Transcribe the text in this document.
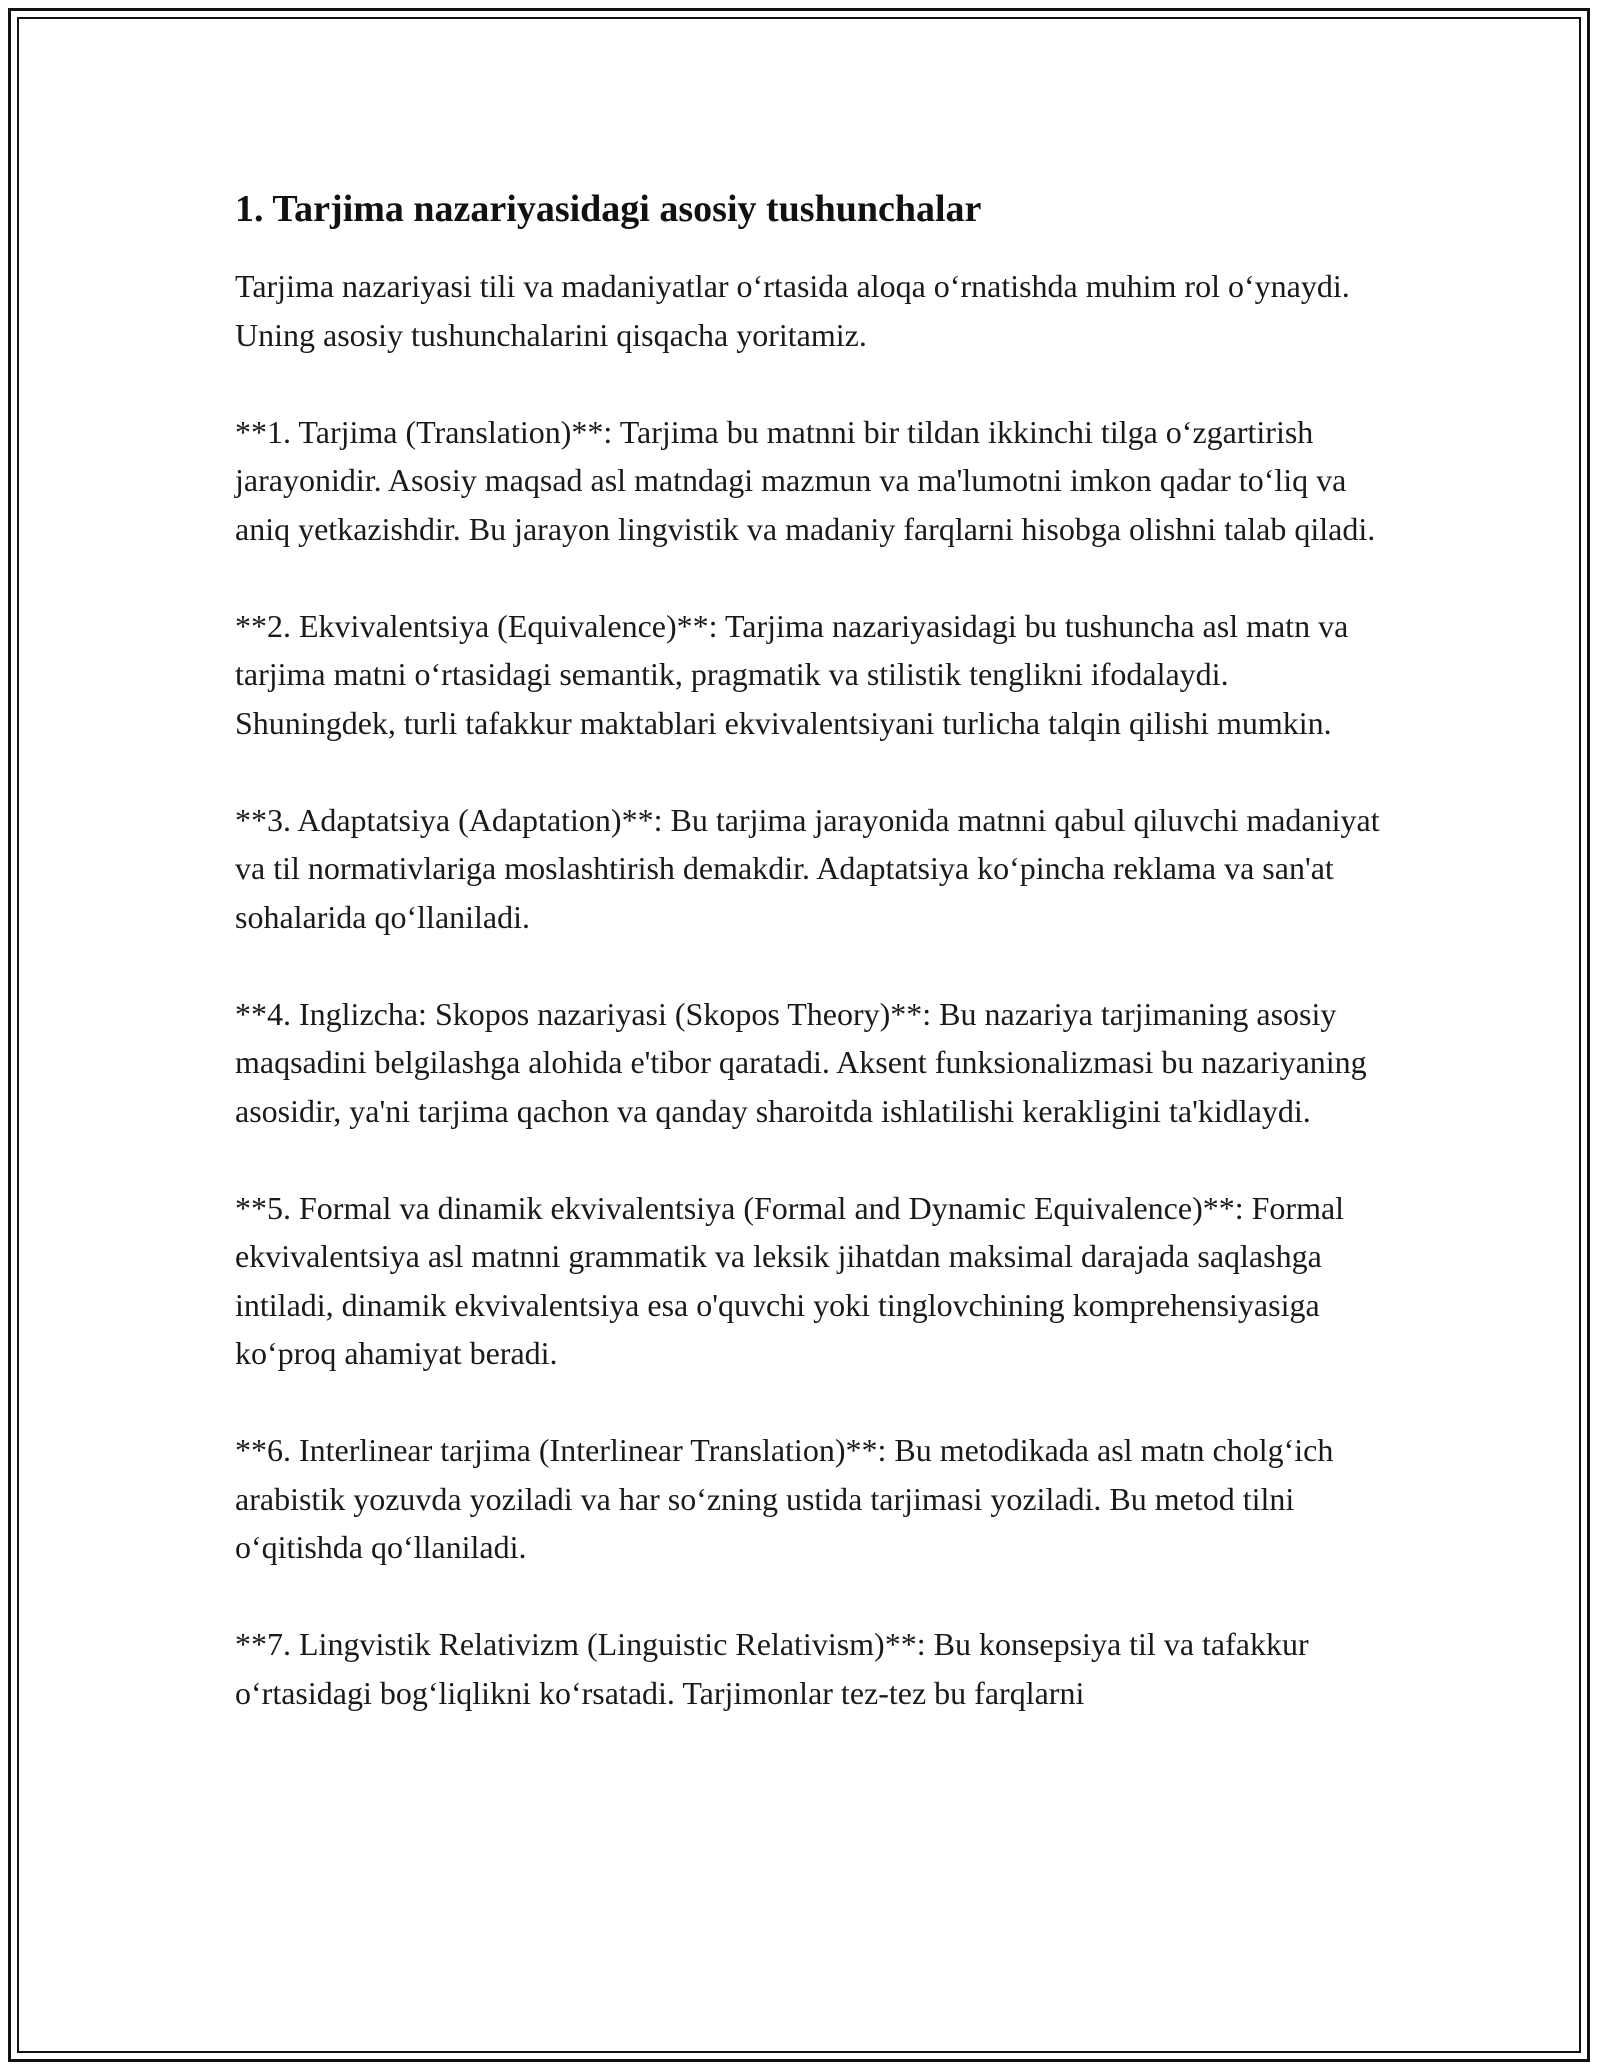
1. Tarjima nazariyasidagi asosiy tushunchalar

Tarjima nazariyasi tili va madaniyatlar o‘rtasida aloqa o‘rnatishda muhim rol o‘ynaydi. Uning asosiy tushunchalarini qisqacha yoritamiz.

**1. Tarjima (Translation)**: Tarjima bu matnni bir tildan ikkinchi tilga o‘zgartirish jarayonidir. Asosiy maqsad asl matndagi mazmun va ma'lumotni imkon qadar to‘liq va aniq yetkazishdir. Bu jarayon lingvistik va madaniy farqlarni hisobga olishni talab qiladi.

**2. Ekvivalentsiya (Equivalence)**: Tarjima nazariyasidagi bu tushuncha asl matn va tarjima matni o‘rtasidagi semantik, pragmatik va stilistik tenglikni ifodalaydi. Shuningdek, turli tafakkur maktablari ekvivalentsiyani turlicha talqin qilishi mumkin.

**3. Adaptatsiya (Adaptation)**: Bu tarjima jarayonida matnni qabul qiluvchi madaniyat va til normativlariga moslashtirish demakdir. Adaptatsiya ko‘pincha reklama va san'at sohalarida qo‘llaniladi.

**4. Inglizcha: Skopos nazariyasi (Skopos Theory)**: Bu nazariya tarjimaning asosiy maqsadini belgilashga alohida e'tibor qaratadi. Aksent funksionalizmasi bu nazariyaning asosidir, ya'ni tarjima qachon va qanday sharoitda ishlatilishi kerakligini ta'kidlaydi.

**5. Formal va dinamik ekvivalentsiya (Formal and Dynamic Equivalence)**: Formal ekvivalentsiya asl matnni grammatik va leksik jihatdan maksimal darajada saqlashga intiladi, dinamik ekvivalentsiya esa o'quvchi yoki tinglovchining komprehensiyasiga ko‘proq ahamiyat beradi.

**6. Interlinear tarjima (Interlinear Translation)**: Bu metodikada asl matn cholg‘ich arabistik yozuvda yoziladi va har so‘zning ustida tarjimasi yoziladi. Bu metod tilni o‘qitishda qo‘llaniladi.

**7. Lingvistik Relativizm (Linguistic Relativism)**: Bu konsepsiya til va tafakkur o‘rtasidagi bog‘liqlikni ko‘rsatadi. Tarjimonlar tez-tez bu farqlarni
